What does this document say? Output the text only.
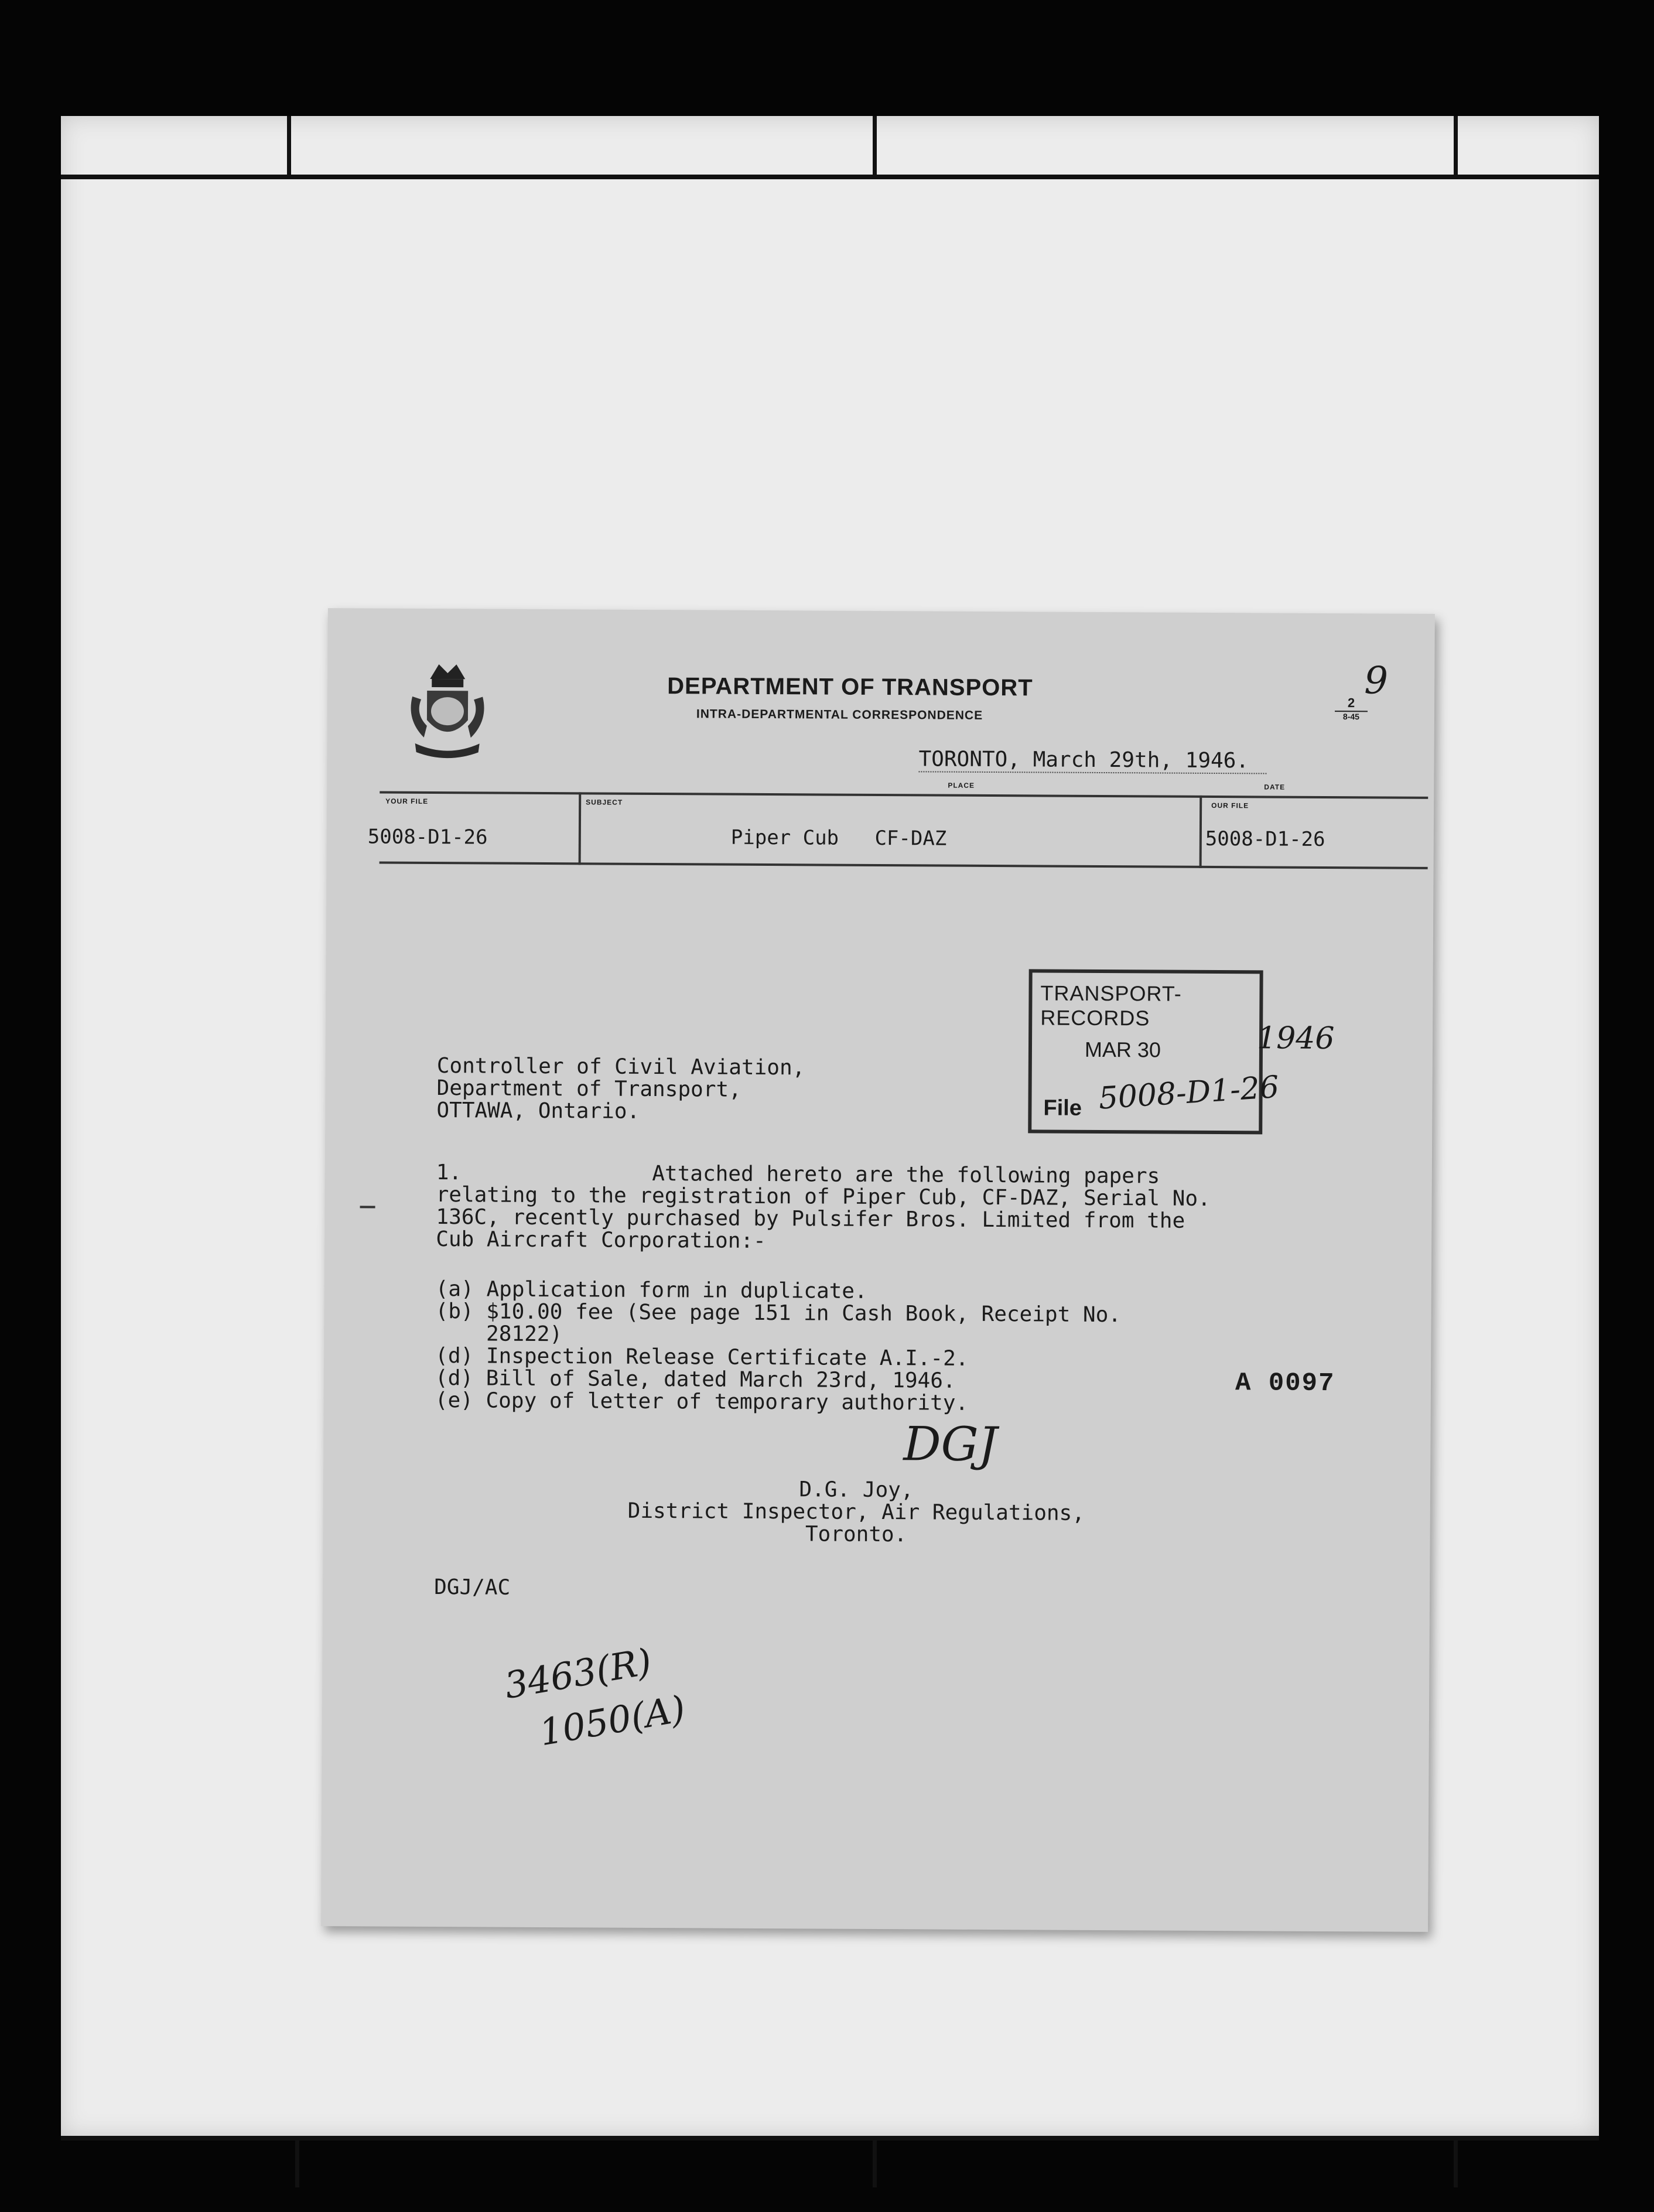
DEPARTMENT OF TRANSPORT
INTRA-DEPARTMENTAL CORRESPONDENCE
2
8-45
9
TORONTO, March 29th, 1946.
PLACE	DATE
YOUR FILE
5008-D1-26
SUBJECT
Piper Cub   CF-DAZ
OUR FILE
5008-D1-26
TRANSPORT-RECORDS
MAR 30
File
1946
5008-D1-26
Controller of Civil Aviation,
Department of Transport,
OTTAWA, Ontario.
1.               Attached hereto are the following papers
relating to the registration of Piper Cub, CF-DAZ, Serial No.
136C, recently purchased by Pulsifer Bros. Limited from the
Cub Aircraft Corporation:-
(a) Application form in duplicate.
(b) $10.00 fee (See page 151 in Cash Book, Receipt No.
28122)
(d) Inspection Release Certificate A.I.-2.
(d) Bill of Sale, dated March 23rd, 1946.
(e) Copy of letter of temporary authority.
A 0097
DGJ
D.G. Joy,
District Inspector, Air Regulations,
Toronto.
DGJ/AC
3463(R)
1050(A)
